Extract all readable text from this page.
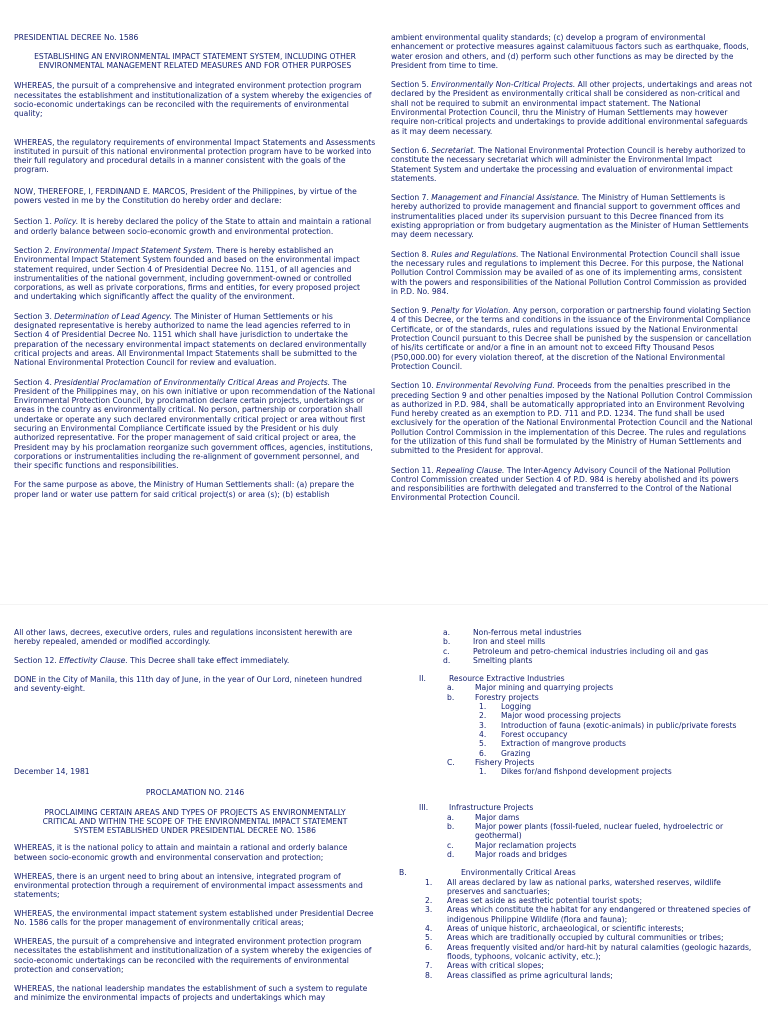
PRESIDENTIAL DECREE No. 1586

ESTABLISHING AN ENVIRONMENTAL IMPACT STATEMENT SYSTEM, INCLUDING OTHER ENVIRONMENTAL MANAGEMENT RELATED MEASURES AND FOR OTHER PURPOSES

WHEREAS, the pursuit of a comprehensive and integrated environment protection program necessitates the establishment and institutionalization of a system whereby the exigencies of socio-economic undertakings can be reconciled with the requirements of environmental quality;

WHEREAS, the regulatory requirements of environmental Impact Statements and Assessments instituted in pursuit of this national environmental protection program have to be worked into their full regulatory and procedural details in a manner consistent with the goals of the program.

NOW, THEREFORE, I, FERDINAND E. MARCOS, President of the Philippines, by virtue of the powers vested in me by the Constitution do hereby order and declare:

Section 1. Policy. It is hereby declared the policy of the State to attain and maintain a rational and orderly balance between socio-economic growth and environmental protection.

Section 2. Environmental Impact Statement System. There is hereby established an Environmental Impact Statement System founded and based on the environmental impact statement required, under Section 4 of Presidential Decree No. 1151, of all agencies and instrumentalities of the national government, including government-owned or controlled corporations, as well as private corporations, firms and entities, for every proposed project and undertaking which significantly affect the quality of the environment.

Section 3. Determination of Lead Agency. The Minister of Human Settlements or his designated representative is hereby authorized to name the lead agencies referred to in Section 4 of Presidential Decree No. 1151 which shall have jurisdiction to undertake the preparation of the necessary environmental impact statements on declared environmentally critical projects and areas. All Environmental Impact Statements shall be submitted to the National Environmental Protection Council for review and evaluation.

Section 4. Presidential Proclamation of Environmentally Critical Areas and Projects. The President of the Philippines may, on his own initiative or upon recommendation of the National Environmental Protection Council, by proclamation declare certain projects, undertakings or areas in the country as environmentally critical. No person, partnership or corporation shall undertake or operate any such declared environmentally critical project or area without first securing an Environmental Compliance Certificate issued by the President or his duly authorized representative. For the proper management of said critical project or area, the President may by his proclamation reorganize such government offices, agencies, institutions, corporations or instrumentalities including the re-alignment of government personnel, and their specific functions and responsibilities.

For the same purpose as above, the Ministry of Human Settlements shall: (a) prepare the proper land or water use pattern for said critical project(s) or area (s); (b) establish

ambient environmental quality standards; (c) develop a program of environmental enhancement or protective measures against calamituous factors such as earthquake, floods, water erosion and others, and (d) perform such other functions as may be directed by the President from time to time.

Section 5. Environmentally Non-Critical Projects. All other projects, undertakings and areas not declared by the President as environmentally critical shall be considered as non-critical and shall not be required to submit an environmental impact statement. The National Environmental Protection Council, thru the Ministry of Human Settlements may however require non-critical projects and undertakings to provide additional environmental safeguards as it may deem necessary.

Section 6. Secretariat. The National Environmental Protection Council is hereby authorized to constitute the necessary secretariat which will administer the Environmental Impact Statement System and undertake the processing and evaluation of environmental impact statements.

Section 7. Management and Financial Assistance. The Ministry of Human Settlements is hereby authorized to provide management and financial support to government offices and instrumentalities placed under its supervision pursuant to this Decree financed from its existing appropriation or from budgetary augmentation as the Minister of Human Settlements may deem necessary.

Section 8. Rules and Regulations. The National Environmental Protection Council shall issue the necessary rules and regulations to implement this Decree. For this purpose, the National Pollution Control Commission may be availed of as one of its implementing arms, consistent with the powers and responsibilities of the National Pollution Control Commission as provided in P.D. No. 984.

Section 9. Penalty for Violation. Any person, corporation or partnership found violating Section 4 of this Decree, or the terms and conditions in the issuance of the Environmental Compliance Certificate, or of the standards, rules and regulations issued by the National Environmental Protection Council pursuant to this Decree shall be punished by the suspension or cancellation of his/its certificate or and/or a fine in an amount not to exceed Fifty Thousand Pesos (P50,000.00) for every violation thereof, at the discretion of the National Environmental Protection Council.

Section 10. Environmental Revolving Fund. Proceeds from the penalties prescribed in the preceding Section 9 and other penalties imposed by the National Pollution Control Commission as authorized in P.D. 984, shall be automatically appropriated into an Environment Revolving Fund hereby created as an exemption to P.D. 711 and P.D. 1234. The fund shall be used exclusively for the operation of the National Environmental Protection Council and the National Pollution Control Commission in the implementation of this Decree. The rules and regulations for the utilization of this fund shall be formulated by the Ministry of Human Settlements and submitted to the President for approval.

Section 11. Repealing Clause. The Inter-Agency Advisory Council of the National Pollution Control Commission created under Section 4 of P.D. 984 is hereby abolished and its powers and responsibilities are forthwith delegated and transferred to the Control of the National Environmental Protection Council.

All other laws, decrees, executive orders, rules and regulations inconsistent herewith are hereby repealed, amended or modified accordingly.

Section 12. Effectivity Clause. This Decree shall take effect immediately.

DONE in the City of Manila, this 11th day of June, in the year of Our Lord, nineteen hundred and seventy-eight.

December 14, 1981

PROCLAMATION NO. 2146

PROCLAIMING CERTAIN AREAS AND TYPES OF PROJECTS AS ENVIRONMENTALLY CRITICAL AND WITHIN THE SCOPE OF THE ENVIRONMENTAL IMPACT STATEMENT SYSTEM ESTABLISHED UNDER PRESIDENTIAL DECREE NO. 1586

WHEREAS, it is the national policy to attain and maintain a rational and orderly balance between socio-economic growth and environmental conservation and protection;

WHEREAS, there is an urgent need to bring about an intensive, integrated program of environmental protection through a requirement of environmental impact assessments and statements;

WHEREAS, the environmental impact statement system established under Presidential Decree No. 1586 calls for the proper management of environmentally critical areas;

WHEREAS, the pursuit of a comprehensive and integrated environment protection program necessitates the establishment and institutionalization of a system whereby the exigencies of socio-economic undertakings can be reconciled with the requirements of environmental protection and conservation;

WHEREAS, the national leadership mandates the establishment of such a system to regulate and minimize the environmental impacts of projects and undertakings which may

a.	Non-ferrous metal industries
b.	Iron and steel mills
c.	Petroleum and petro-chemical industries including oil and gas
d.	Smelting plants
II.	Resource Extractive Industries
a.	Major mining and quarrying projects
b.	Forestry projects
1.	Logging
2.	Major wood processing projects
3.	Introduction of fauna (exotic-animals) in public/private forests
4.	Forest occupancy
5.	Extraction of mangrove products
6.	Grazing
C.	Fishery Projects
1.	Dikes for/and fishpond development projects
III.	Infrastructure Projects
a.	Major dams
b.	Major power plants (fossil-fueled, nuclear fueled, hydroelectric or geothermal)
c.	Major reclamation projects
d.	Major roads and bridges
B.	Environmentally Critical Areas
1.	All areas declared by law as national parks, watershed reserves, wildlife preserves and sanctuaries;
2.	Areas set aside as aesthetic potential tourist spots;
3.	Areas which constitute the habitat for any endangered or threatened species of indigenous Philippine Wildlife (flora and fauna);
4.	Areas of unique historic, archaeological, or scientific interests;
5.	Areas which are traditionally occupied by cultural communities or tribes;
6.	Areas frequently visited and/or hard-hit by natural calamities (geologic hazards, floods, typhoons, volcanic activity, etc.);
7.	Areas with critical slopes;
8.	Areas classified as prime agricultural lands;
